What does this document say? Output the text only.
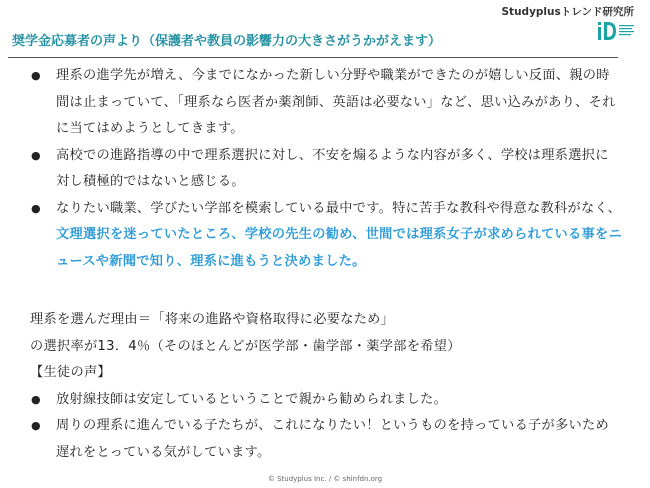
Studyplusトレンド研究所
奨学金応募者の声より（保護者や教員の影響力の大きさがうかがえます）
● 理系の進学先が増え、今までになかった新しい分野や職業ができたのが嬉しい反面、親の時間は止まっていて、「理系なら医者か薬剤師、英語は必要ない」など、思い込みがあり、それに当てはめようとしてきます。
● 高校での進路指導の中で理系選択に対し、不安を煽るような内容が多く、学校は理系選択に対し積極的ではないと感じる。
● なりたい職業、学びたい学部を模索している最中です。特に苦手な教科や得意な教科がなく、文理選択を迷っていたところ、学校の先生の勧め、世間では理系女子が求められている事をニュースや新聞で知り、理系に進もうと決めました。
理系を選んだ理由＝「将来の進路や資格取得に必要なため」
の選択率が13．4％（そのほとんどが医学部・歯学部・薬学部を希望）
【生徒の声】
● 放射線技師は安定しているということで親から勧められました。
● 周りの理系に進んでいる子たちが、これになりたい！というものを持っている子が多いため遅れをとっている気がしています。
© Studyplus Inc. / © shinfdn.org
